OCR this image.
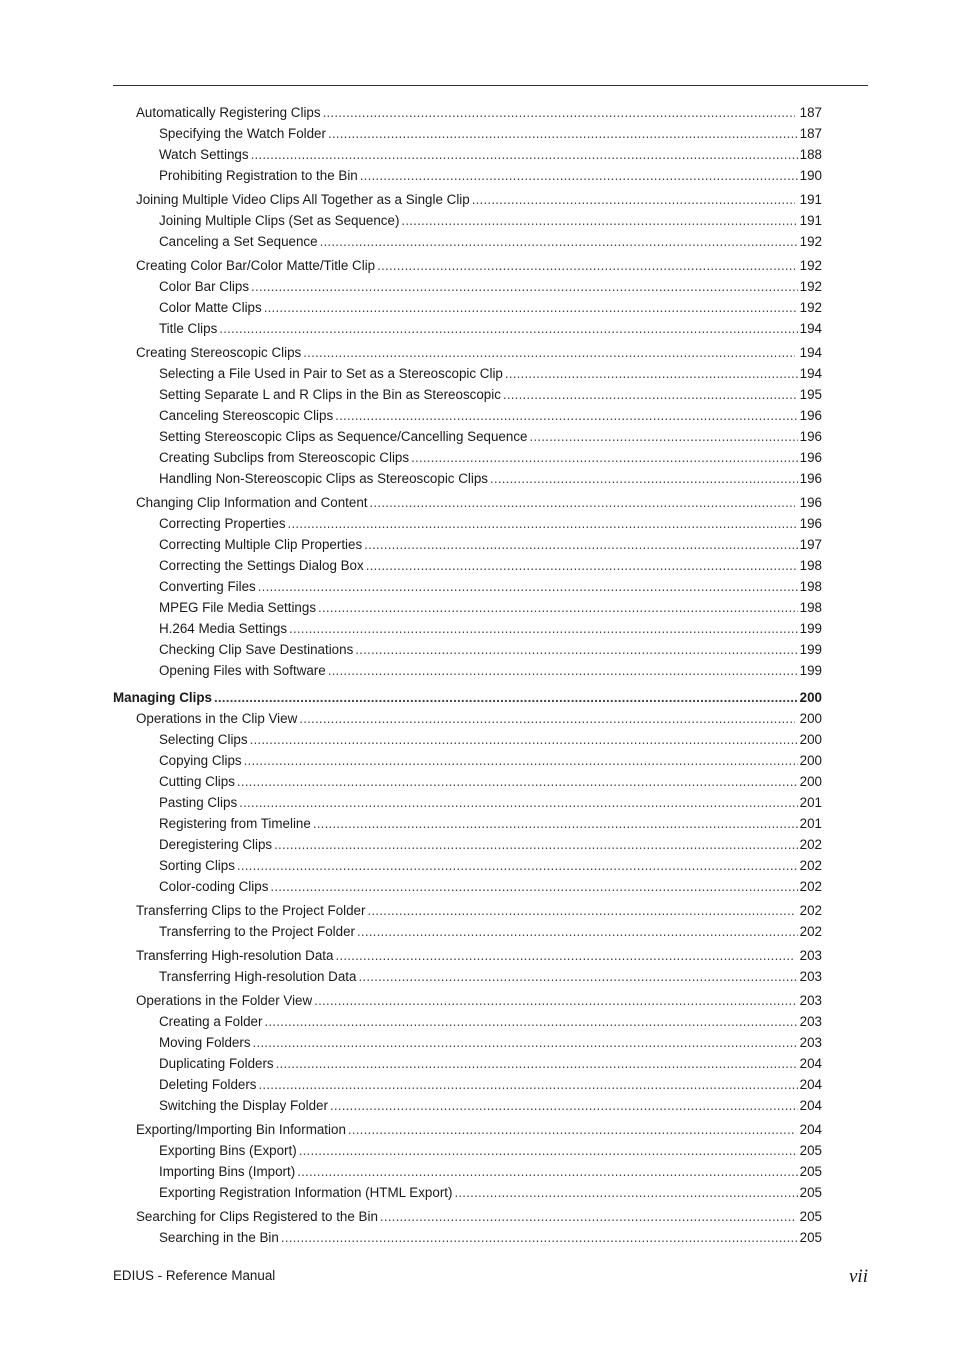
Automatically Registering Clips .....	187
Specifying the Watch Folder .....	187
Watch Settings .....	188
Prohibiting Registration to the Bin .....	190
Joining Multiple Video Clips All Together as a Single Clip .....	191
Joining Multiple Clips (Set as Sequence) .....	191
Canceling a Set Sequence .....	192
Creating Color Bar/Color Matte/Title Clip .....	192
Color Bar Clips .....	192
Color Matte Clips .....	192
Title Clips .....	194
Creating Stereoscopic Clips .....	194
Selecting a File Used in Pair to Set as a Stereoscopic Clip .....	194
Setting Separate L and R Clips in the Bin as Stereoscopic .....	195
Canceling Stereoscopic Clips .....	196
Setting Stereoscopic Clips as Sequence/Cancelling Sequence .....	196
Creating Subclips from Stereoscopic Clips .....	196
Handling Non-Stereoscopic Clips as Stereoscopic Clips .....	196
Changing Clip Information and Content .....	196
Correcting Properties .....	196
Correcting Multiple Clip Properties .....	197
Correcting the Settings Dialog Box .....	198
Converting Files .....	198
MPEG File Media Settings .....	198
H.264 Media Settings .....	199
Checking Clip Save Destinations .....	199
Opening Files with Software .....	199
Managing Clips .....	200
Operations in the Clip View .....	200
Selecting Clips .....	200
Copying Clips .....	200
Cutting Clips .....	200
Pasting Clips .....	201
Registering from Timeline .....	201
Deregistering Clips .....	202
Sorting Clips .....	202
Color-coding Clips .....	202
Transferring Clips to the Project Folder .....	202
Transferring to the Project Folder .....	202
Transferring High-resolution Data .....	203
Transferring High-resolution Data .....	203
Operations in the Folder View .....	203
Creating a Folder .....	203
Moving Folders .....	203
Duplicating Folders .....	204
Deleting Folders .....	204
Switching the Display Folder .....	204
Exporting/Importing Bin Information .....	204
Exporting Bins (Export) .....	205
Importing Bins (Import) .....	205
Exporting Registration Information (HTML Export) .....	205
Searching for Clips Registered to the Bin .....	205
Searching in the Bin .....	205
EDIUS - Reference Manual	vii
